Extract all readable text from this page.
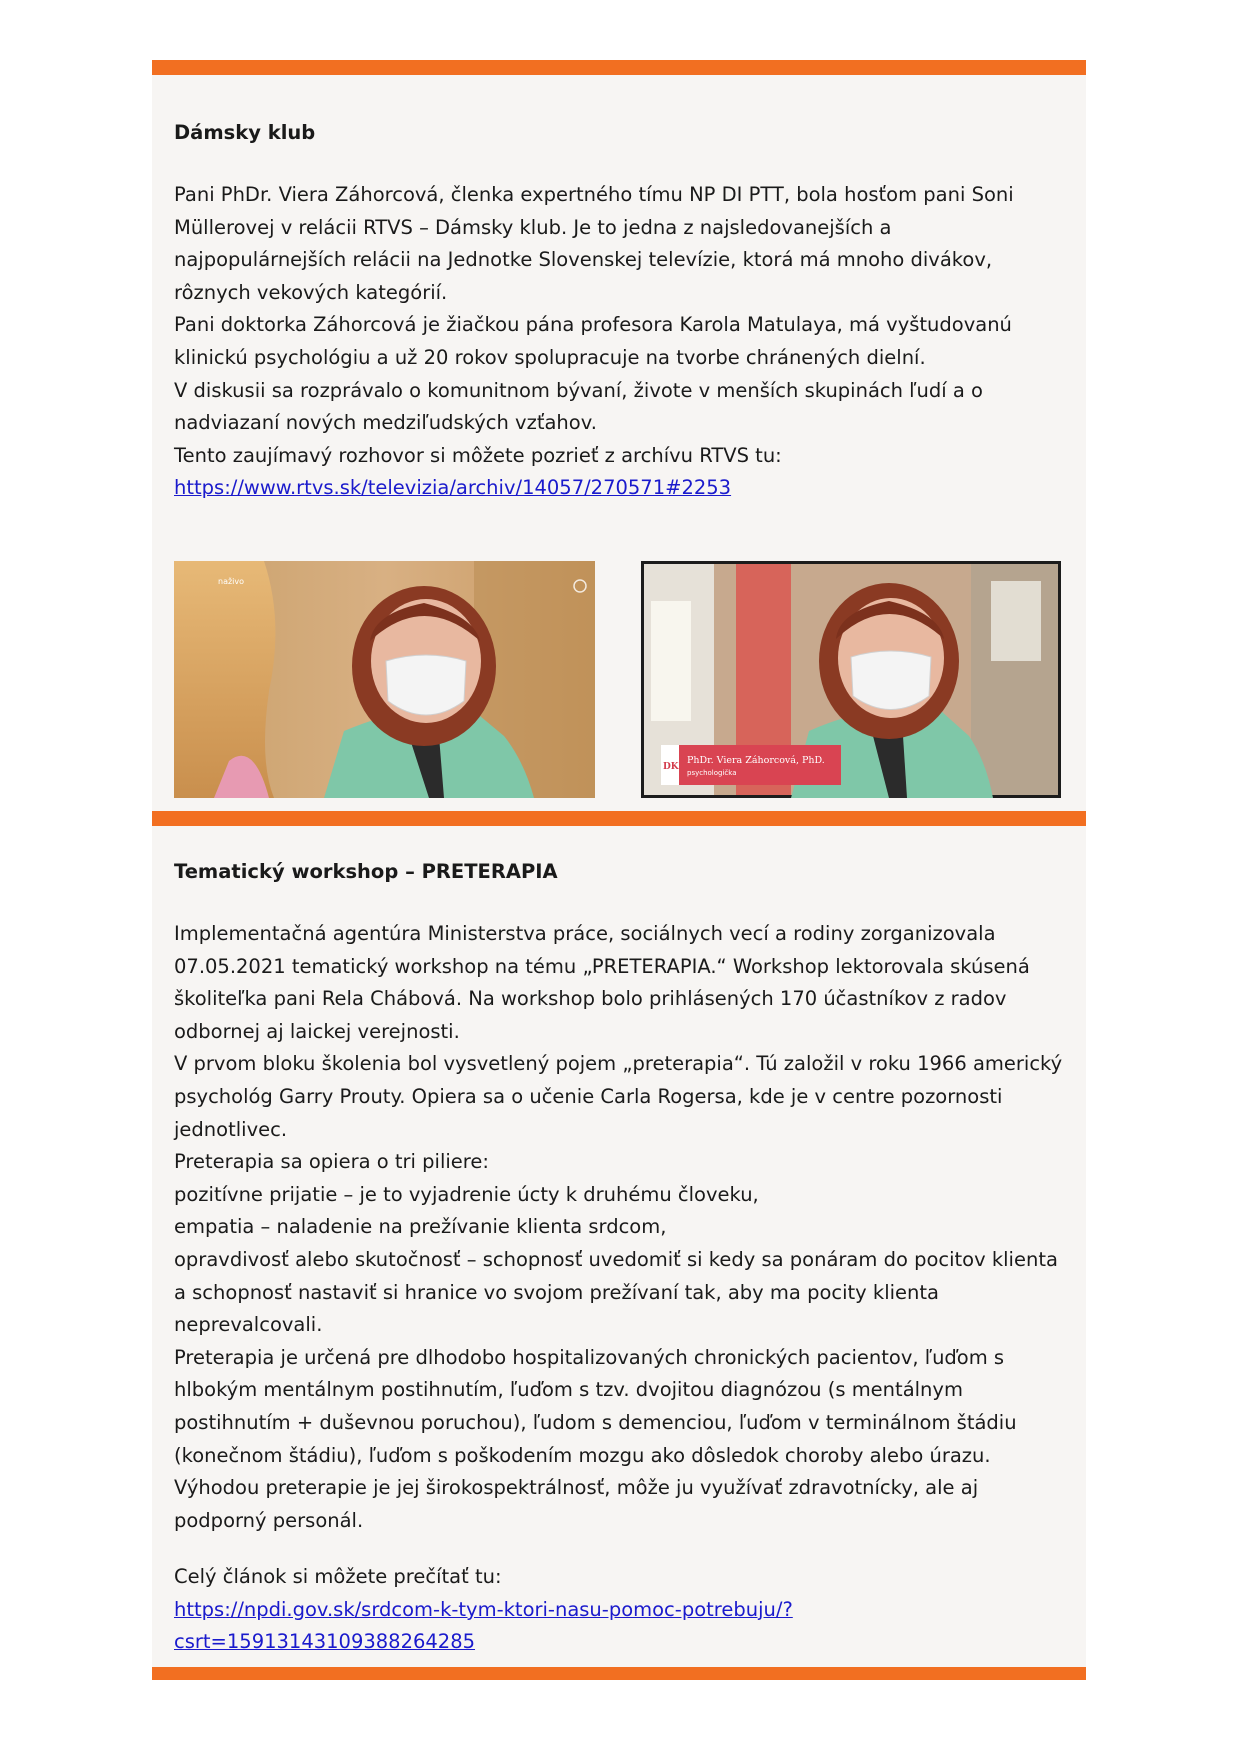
Dámsky klub

Pani PhDr. Viera Záhorcová, členka expertného tímu NP DI PTT, bola hosťom pani Soni

Müllerovej v relácii RTVS – Dámsky klub. Je to jedna z najsledovanejších a

najpopulárnejších relácii na Jednotke Slovenskej televízie, ktorá má mnoho divákov,

rôznych vekových kategórií.

Pani doktorka Záhorcová je žiačkou pána profesora Karola Matulaya, má vyštudovanú

klinickú psychológiu a už 20 rokov spolupracuje na tvorbe chránených dielní.

V diskusii sa rozprávalo o komunitnom bývaní, živote v menších skupinách ľudí a o

nadviazaní nových medziľudských vzťahov.

Tento zaujímavý rozhovor si môžete pozrieť z archívu RTVS tu:

https://www.rtvs.sk/televizia/archiv/14057/270571#2253

naživo
DK
PhDr. Viera Záhorcová, PhD.
psychologička
Tematický workshop – PRETERAPIA

Implementačná agentúra Ministerstva práce, sociálnych vecí a rodiny zorganizovala

07.05.2021 tematický workshop na tému „PRETERAPIA.“ Workshop lektorovala skúsená

školiteľka pani Rela Chábová. Na workshop bolo prihlásených 170 účastníkov z radov

odbornej aj laickej verejnosti.

V prvom bloku školenia bol vysvetlený pojem „preterapia“. Tú založil v roku 1966 americký

psychológ Garry Prouty. Opiera sa o učenie Carla Rogersa, kde je v centre pozornosti

jednotlivec.

Preterapia sa opiera o tri piliere:

pozitívne prijatie – je to vyjadrenie úcty k druhému človeku,

empatia – naladenie na prežívanie klienta srdcom,

opravdivosť alebo skutočnosť – schopnosť uvedomiť si kedy sa ponáram do pocitov klienta

a schopnosť nastaviť si hranice vo svojom prežívaní tak, aby ma pocity klienta

neprevalcovali.

Preterapia je určená pre dlhodobo hospitalizovaných chronických pacientov, ľuďom s

hlbokým mentálnym postihnutím, ľuďom s tzv. dvojitou diagnózou (s mentálnym

postihnutím + duševnou poruchou), ľudom s demenciou, ľuďom v terminálnom štádiu

(konečnom štádiu), ľuďom s poškodením mozgu ako dôsledok choroby alebo úrazu.

Výhodou preterapie je jej širokospektrálnosť, môže ju využívať zdravotnícky, ale aj

podporný personál.

Celý článok si môžete prečítať tu:

https://npdi.gov.sk/srdcom-k-tym-ktori-nasu-pomoc-potrebuju/?
csrt=15913143109388264285
